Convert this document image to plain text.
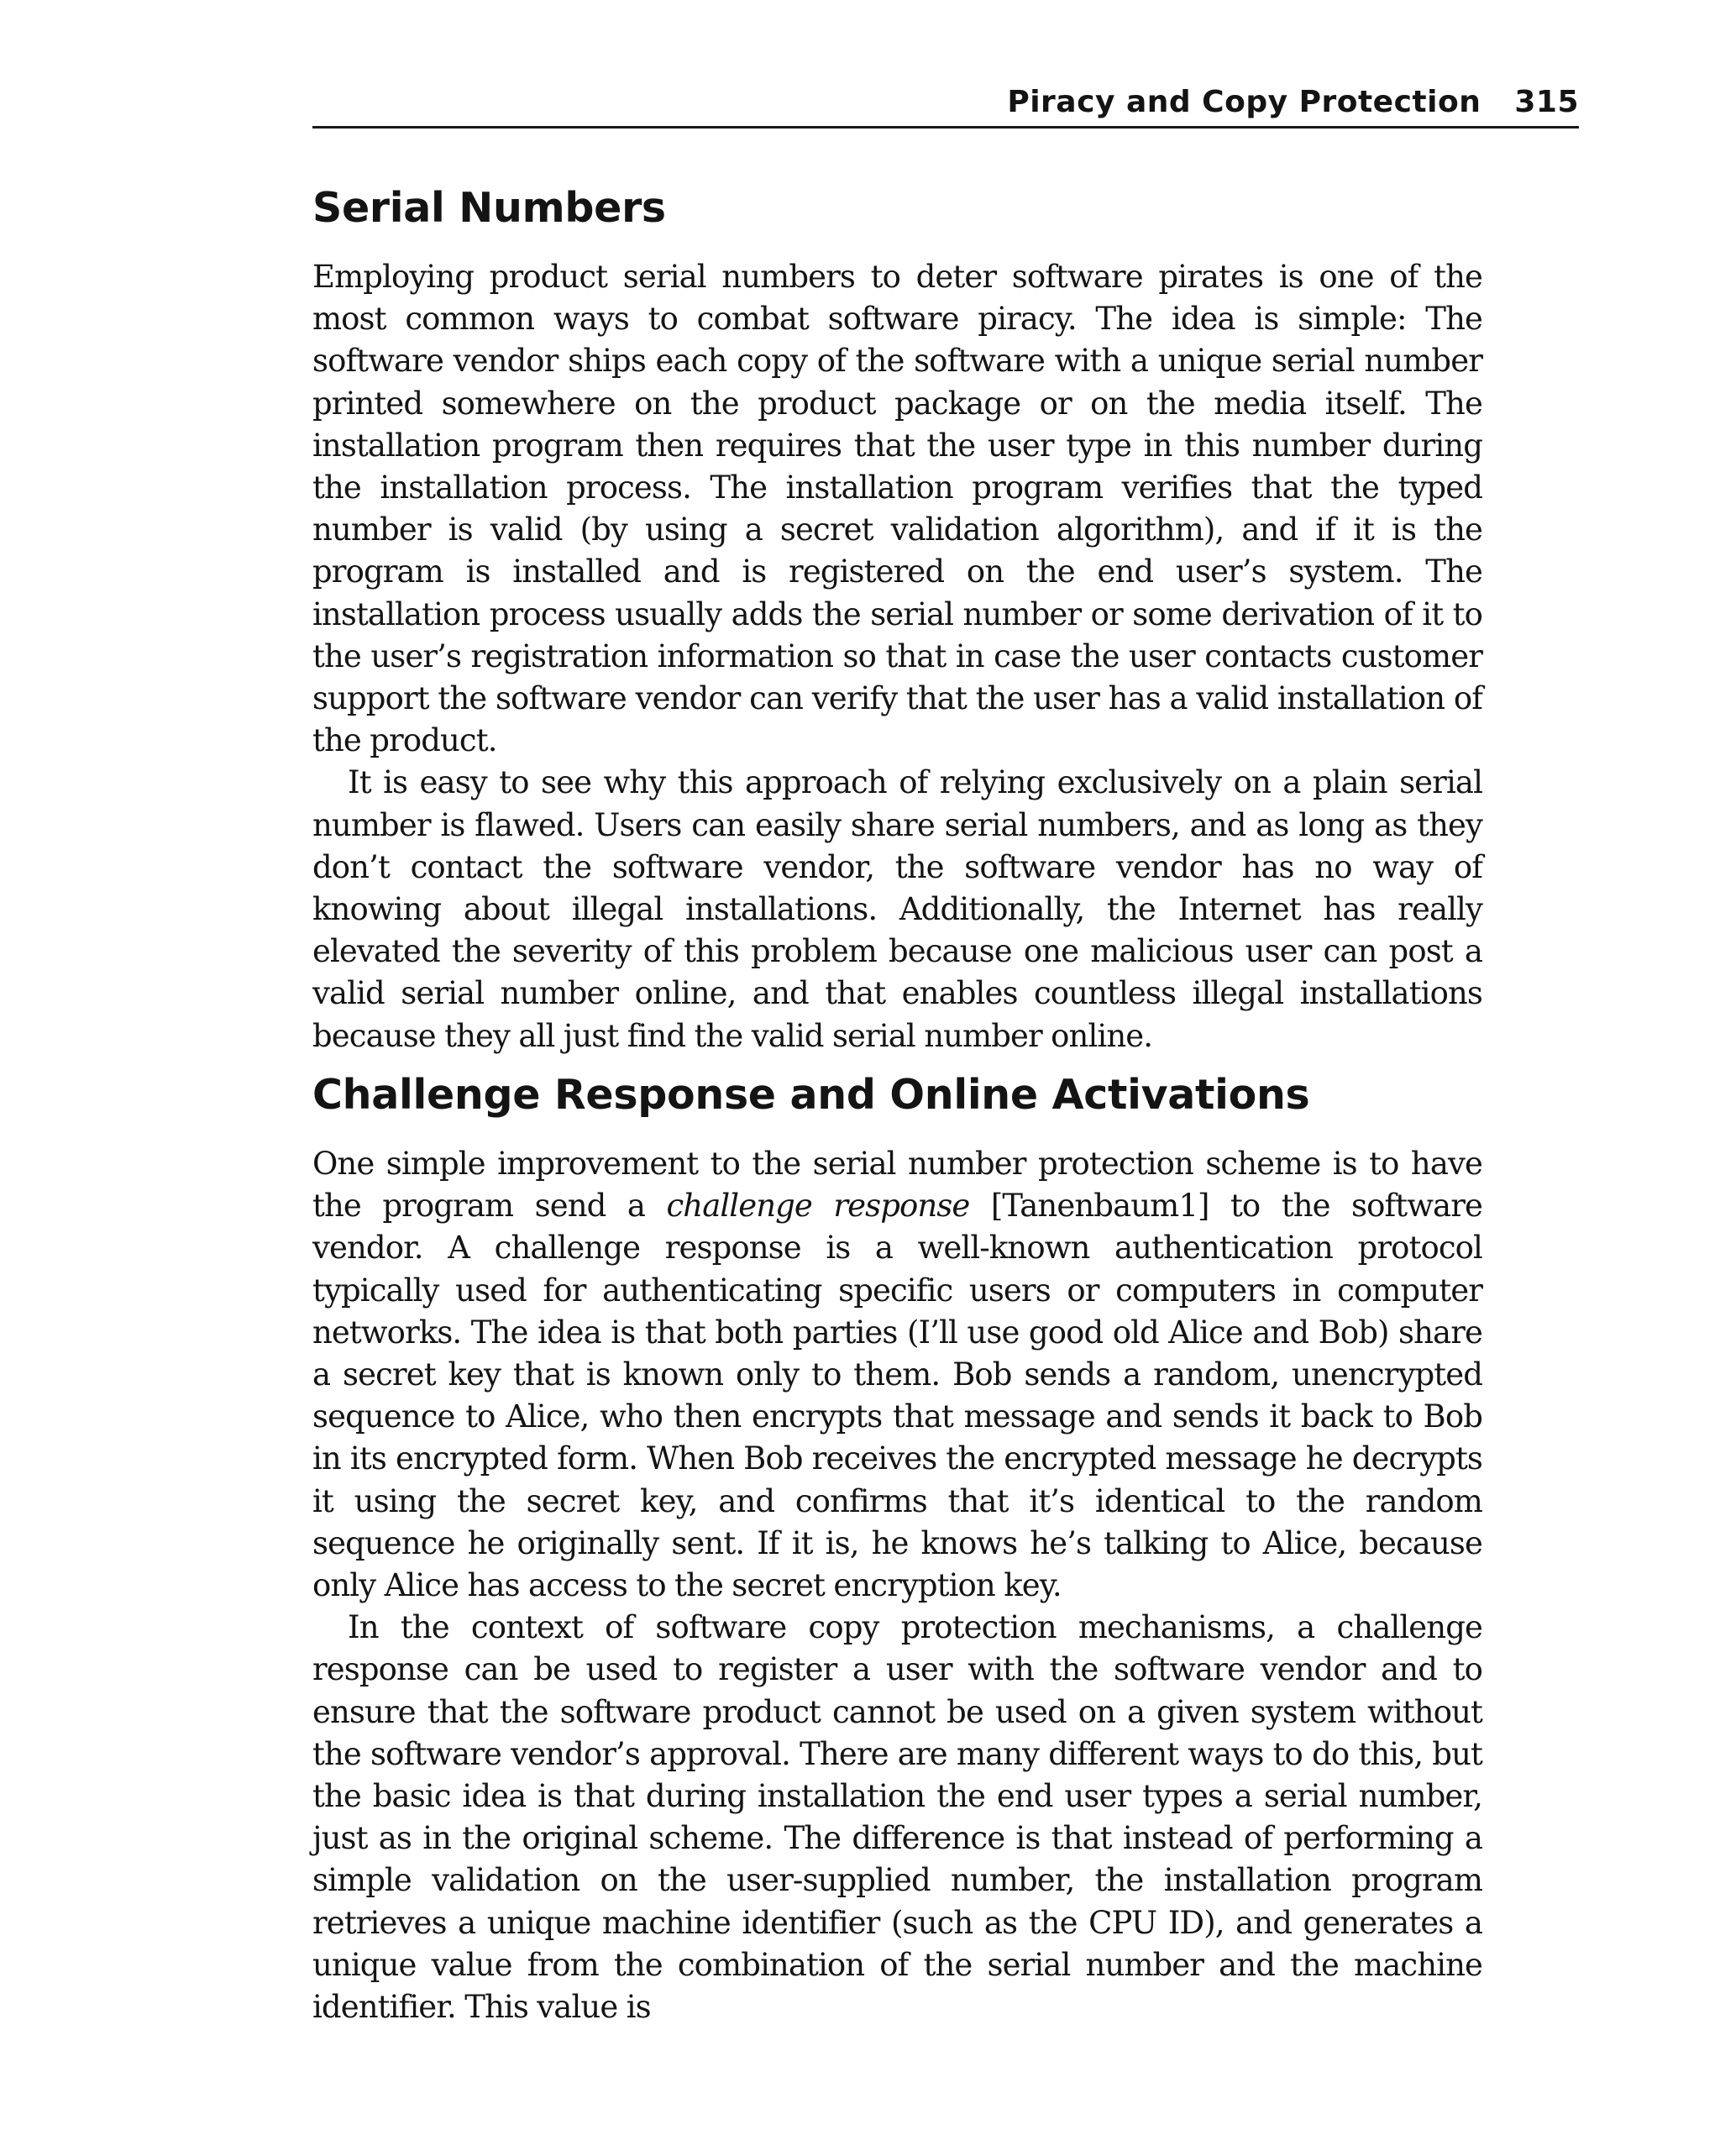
Piracy and Copy Protection 315
Serial Numbers

Employing product serial numbers to deter software pirates is one of the most common ways to combat software piracy. The idea is simple: The software vendor ships each copy of the software with a unique serial number printed somewhere on the product package or on the media itself. The installation program then requires that the user type in this number during the installation process. The installation program verifies that the typed number is valid (by using a secret validation algorithm), and if it is the program is installed and is registered on the end user’s system. The installation process usually adds the serial number or some derivation of it to the user’s registration information so that in case the user contacts customer support the software vendor can verify that the user has a valid installation of the product.

It is easy to see why this approach of relying exclusively on a plain serial number is flawed. Users can easily share serial numbers, and as long as they don’t contact the software vendor, the software vendor has no way of knowing about illegal installations. Additionally, the Internet has really elevated the severity of this problem because one malicious user can post a valid serial number online, and that enables countless illegal installations because they all just find the valid serial number online.

Challenge Response and Online Activations

One simple improvement to the serial number protection scheme is to have the program send a challenge response [Tanenbaum1] to the software vendor. A challenge response is a well-known authentication protocol typically used for authenticating specific users or computers in computer networks. The idea is that both parties (I’ll use good old Alice and Bob) share a secret key that is known only to them. Bob sends a random, unencrypted sequence to Alice, who then encrypts that message and sends it back to Bob in its encrypted form. When Bob receives the encrypted message he decrypts it using the secret key, and confirms that it’s identical to the random sequence he originally sent. If it is, he knows he’s talking to Alice, because only Alice has access to the secret encryption key.

In the context of software copy protection mechanisms, a challenge response can be used to register a user with the software vendor and to ensure that the software product cannot be used on a given system without the software vendor’s approval. There are many different ways to do this, but the basic idea is that during installation the end user types a serial number, just as in the original scheme. The difference is that instead of performing a simple validation on the user-supplied number, the installation program retrieves a unique machine identifier (such as the CPU ID), and generates a unique value from the combination of the serial number and the machine identifier. This value is
